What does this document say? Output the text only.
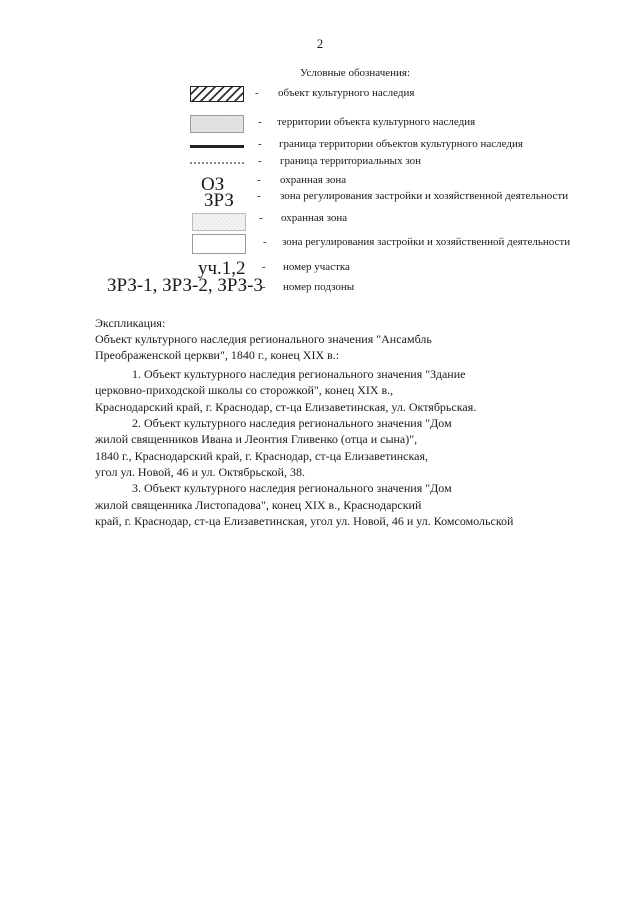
2
Условные обозначения:
ОЗ
ЗРЗ
уч.1,2
ЗРЗ-1, ЗРЗ-2, ЗРЗ-3
-
-
-
-
-
-
-
-
-
-
объект культурного наследия
территории объекта культурного наследия
граница территории объектов культурного наследия
граница территориальных зон
охранная зона
зона регулирования застройки и хозяйственной деятельности
охранная зона
зона регулирования застройки и хозяйственной деятельности
номер участка
номер подзоны
Экспликация:
Объект культурного наследия регионального значения "Ансамбль
Преображенской церкви", 1840 г., конец XIX в.:
1. Объект культурного наследия регионального значения "Здание
церковно-приходской школы со сторожкой", конец XIX в.,
Краснодарский край, г. Краснодар, ст-ца Елизаветинская, ул. Октябрьская.
2. Объект культурного наследия регионального значения "Дом
жилой священников Ивана и Леонтия Гливенко (отца и сына)",
1840 г., Краснодарский край, г. Краснодар, ст-ца Елизаветинская,
угол ул. Новой, 46 и ул. Октябрьской, 38.
3. Объект культурного наследия регионального значения "Дом
жилой священника Листопадова", конец XIX в., Краснодарский
край, г. Краснодар, ст-ца Елизаветинская, угол ул. Новой, 46 и ул. Комсомольской
